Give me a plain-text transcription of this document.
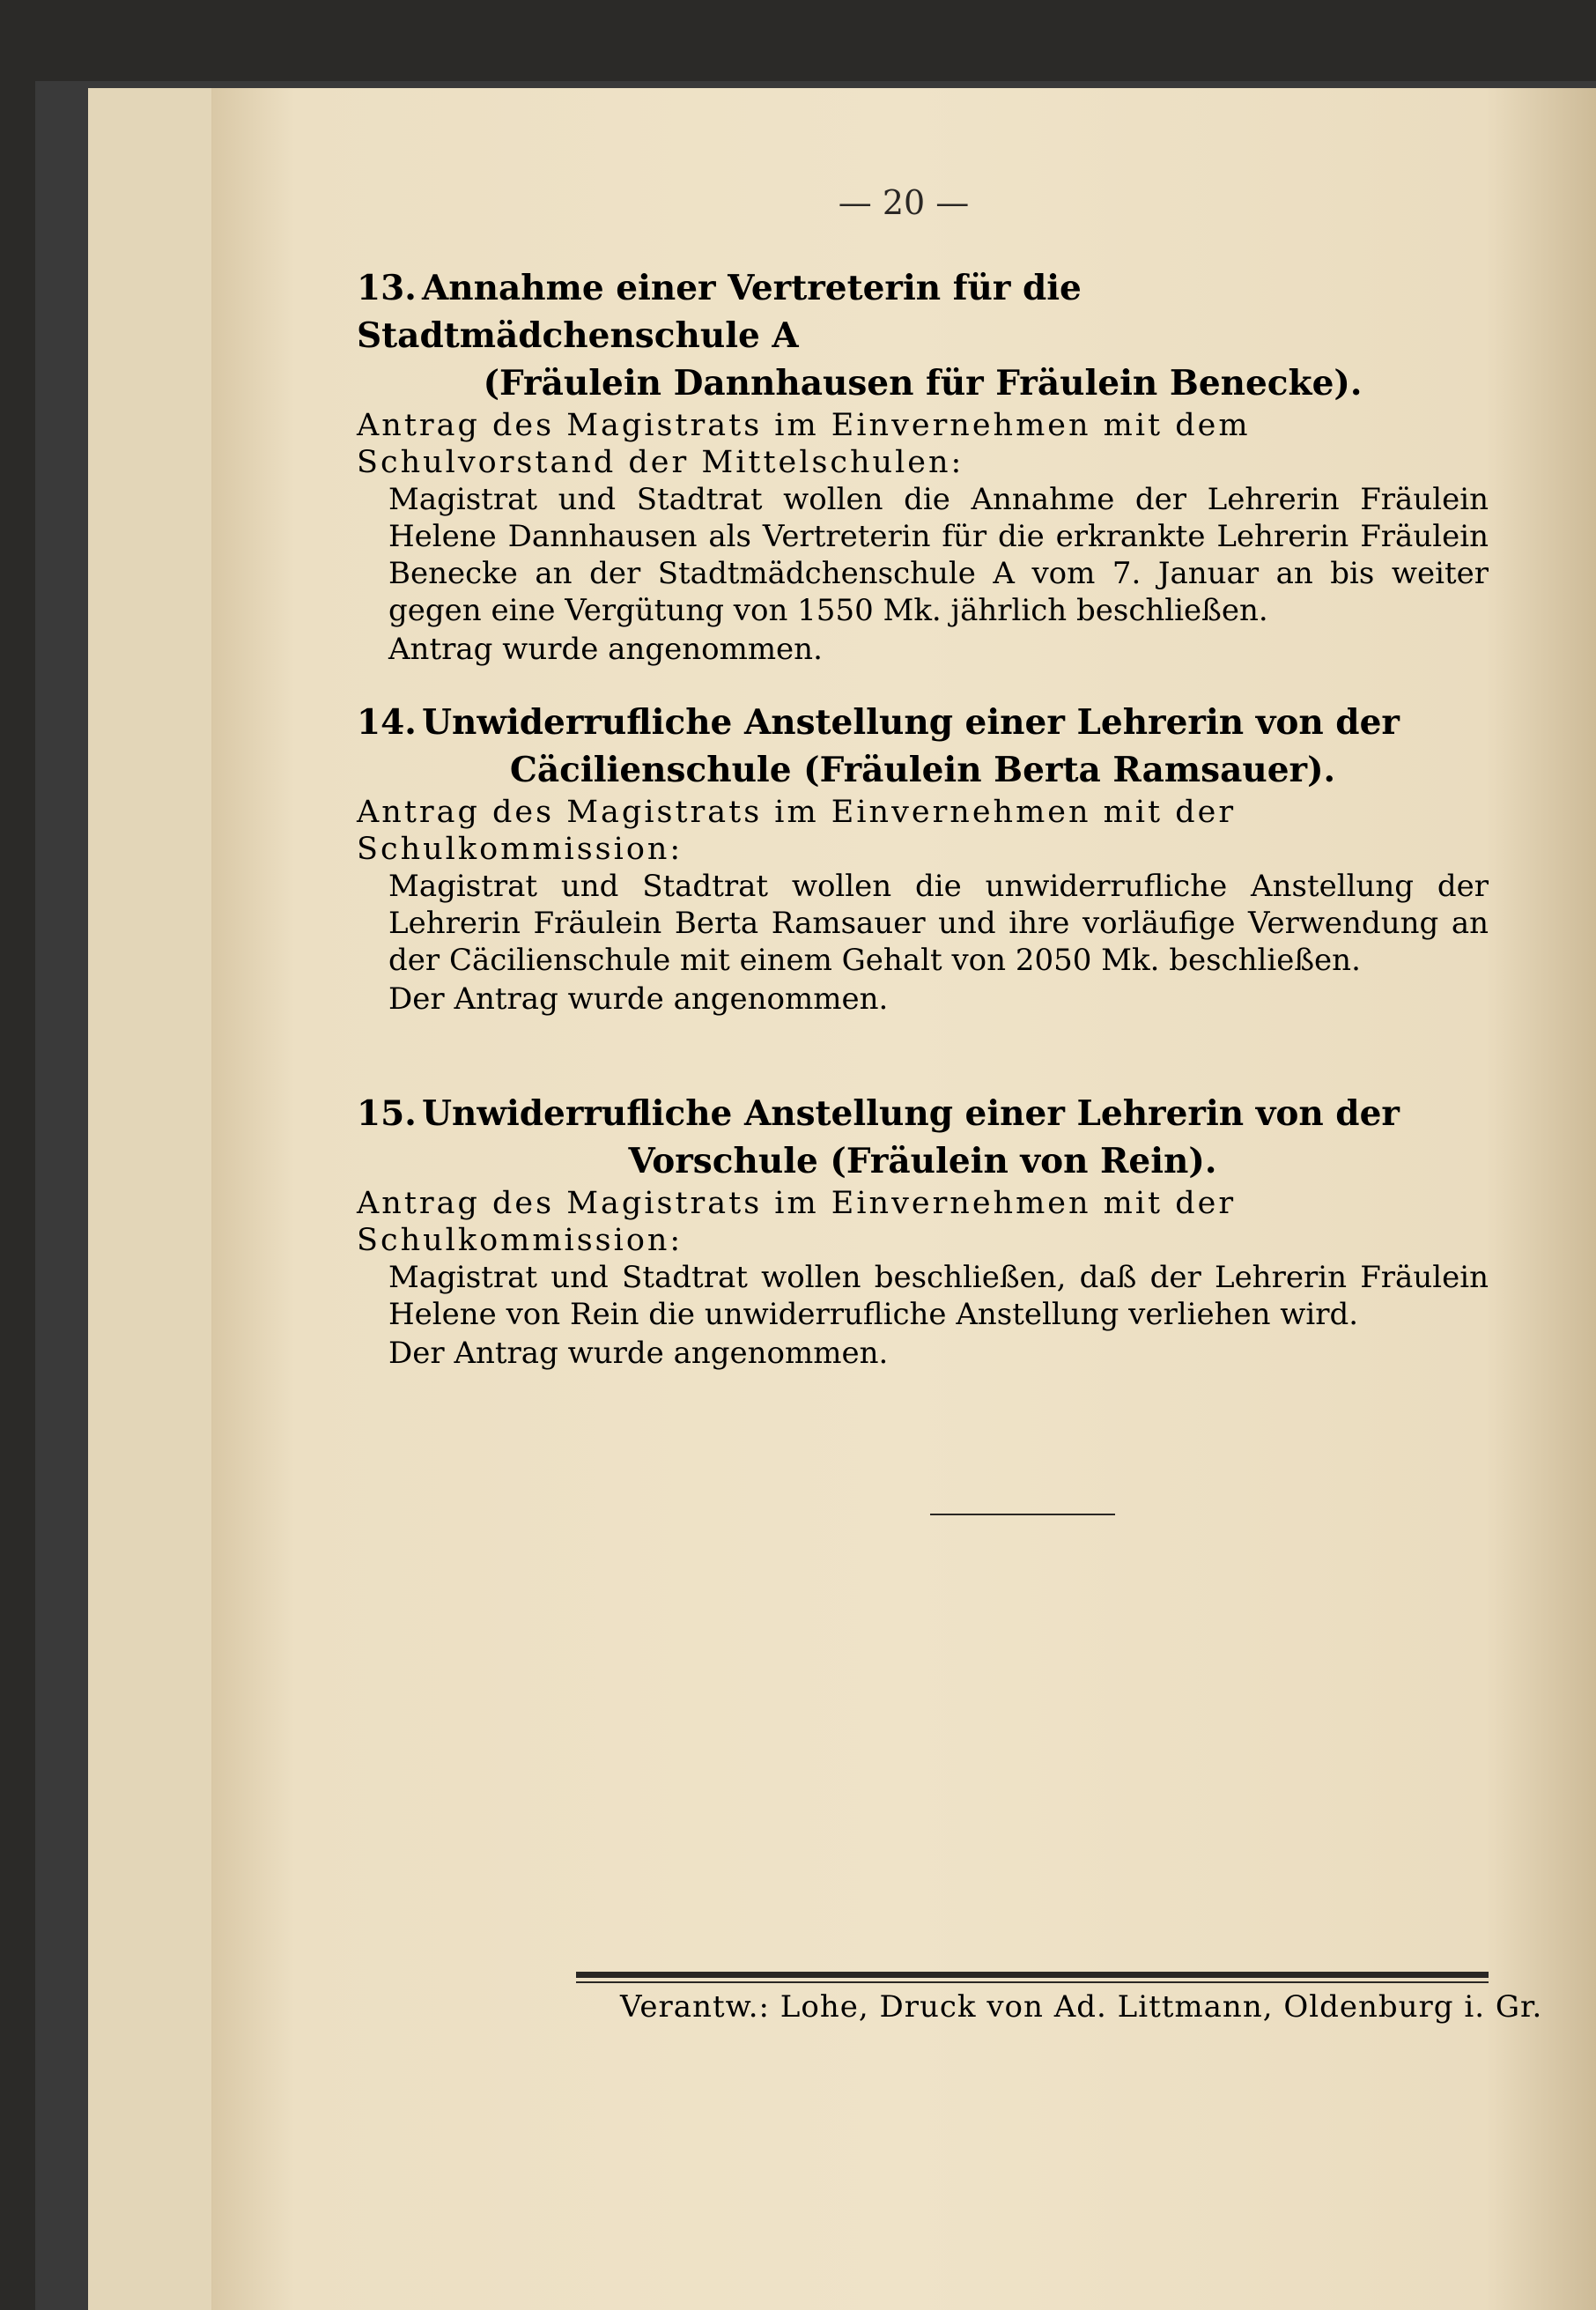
— 20 —
13. Annahme einer Vertreterin für die Stadtmädchenschule A
(Fräulein Dannhausen für Fräulein Benecke).
Antrag des Magistrats im Einvernehmen mit dem
Schulvorstand der Mittelschulen:
Magistrat und Stadtrat wollen die Annahme der Lehrerin Fräulein Helene Dannhausen als Vertreterin für die erkrankte Lehrerin Fräulein Benecke an der Stadtmädchenschule A vom 7. Januar an bis weiter gegen eine Vergütung von 1550 Mk. jährlich beschließen.
Antrag wurde angenommen.
14. Unwiderrufliche Anstellung einer Lehrerin von der
Cäcilienschule (Fräulein Berta Ramsauer).
Antrag des Magistrats im Einvernehmen mit der
Schulkommission:
Magistrat und Stadtrat wollen die unwiderrufliche Anstellung der Lehrerin Fräulein Berta Ramsauer und ihre vorläufige Verwendung an der Cäcilienschule mit einem Gehalt von 2050 Mk. beschließen.
Der Antrag wurde angenommen.
15. Unwiderrufliche Anstellung einer Lehrerin von der
Vorschule (Fräulein von Rein).
Antrag des Magistrats im Einvernehmen mit der
Schulkommission:
Magistrat und Stadtrat wollen beschließen, daß der Lehrerin Fräulein Helene von Rein die unwiderrufliche Anstellung verliehen wird.
Der Antrag wurde angenommen.
Verantw.: Lohe, Druck von Ad. Littmann, Oldenburg i. Gr.
